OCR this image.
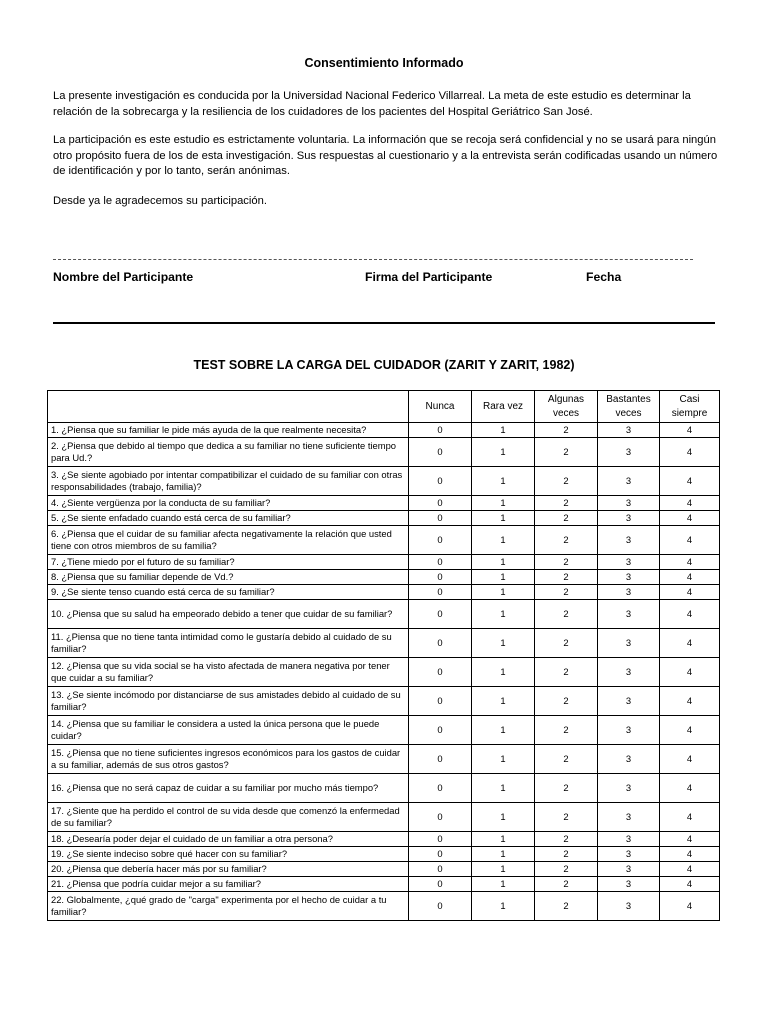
Consentimiento Informado

La presente investigación es conducida por la Universidad Nacional Federico Villarreal. La meta de este estudio es determinar la relación de la sobrecarga y la resiliencia de los cuidadores de los pacientes del Hospital Geriátrico San José.

La participación es este estudio es estrictamente voluntaria. La información que se recoja será confidencial y no se usará para ningún otro propósito fuera de los de esta investigación. Sus respuestas al cuestionario y a la entrevista serán codificadas usando un número de identificación y por lo tanto, serán anónimas.

Desde ya le agradecemos su participación.

Nombre del Participante	Firma del Participante	Fecha
TEST SOBRE LA CARGA DEL CUIDADOR (ZARIT Y ZARIT, 1982)
	Nunca	Rara vez	Algunas veces	Bastantes veces	Casi siempre
1. ¿Piensa que su familiar le pide más ayuda de la que realmente necesita?	0	1	2	3	4
2. ¿Piensa que debido al tiempo que dedica a su familiar no tiene suficiente tiempo para Ud.?	0	1	2	3	4
3. ¿Se siente agobiado por intentar compatibilizar el cuidado de su familiar con otras responsabilidades (trabajo, familia)?	0	1	2	3	4
4. ¿Siente vergüenza por la conducta de su familiar?	0	1	2	3	4
5. ¿Se siente enfadado cuando está cerca de su familiar?	0	1	2	3	4
6. ¿Piensa que el cuidar de su familiar afecta negativamente la relación que usted tiene con otros miembros de su familia?	0	1	2	3	4
7. ¿Tiene miedo por el futuro de su familiar?	0	1	2	3	4
8. ¿Piensa que su familiar depende de Vd.?	0	1	2	3	4
9. ¿Se siente tenso cuando está cerca de su familiar?	0	1	2	3	4
10. ¿Piensa que su salud ha empeorado debido a tener que cuidar de su familiar?	0	1	2	3	4
11. ¿Piensa que no tiene tanta intimidad como le gustaría debido al cuidado de su familiar?	0	1	2	3	4
12. ¿Piensa que su vida social se ha visto afectada de manera negativa por tener que cuidar a su familiar?	0	1	2	3	4
13. ¿Se siente incómodo por distanciarse de sus amistades debido al cuidado de su familiar?	0	1	2	3	4
14. ¿Piensa que su familiar le considera a usted la única persona que le puede cuidar?	0	1	2	3	4
15. ¿Piensa que no tiene suficientes ingresos económicos para los gastos de cuidar a su familiar, además de sus otros gastos?	0	1	2	3	4
16. ¿Piensa que no será capaz de cuidar a su familiar por mucho más tiempo?	0	1	2	3	4
17. ¿Siente que ha perdido el control de su vida desde que comenzó la enfermedad de su familiar?	0	1	2	3	4
18. ¿Desearía poder dejar el cuidado de un familiar a otra persona?	0	1	2	3	4
19. ¿Se siente indeciso sobre qué hacer con su familiar?	0	1	2	3	4
20. ¿Piensa que debería hacer más por su familiar?	0	1	2	3	4
21. ¿Piensa que podría cuidar mejor a su familiar?	0	1	2	3	4
22. Globalmente, ¿qué grado de "carga" experimenta por el hecho de cuidar a tu familiar?	0	1	2	3	4
